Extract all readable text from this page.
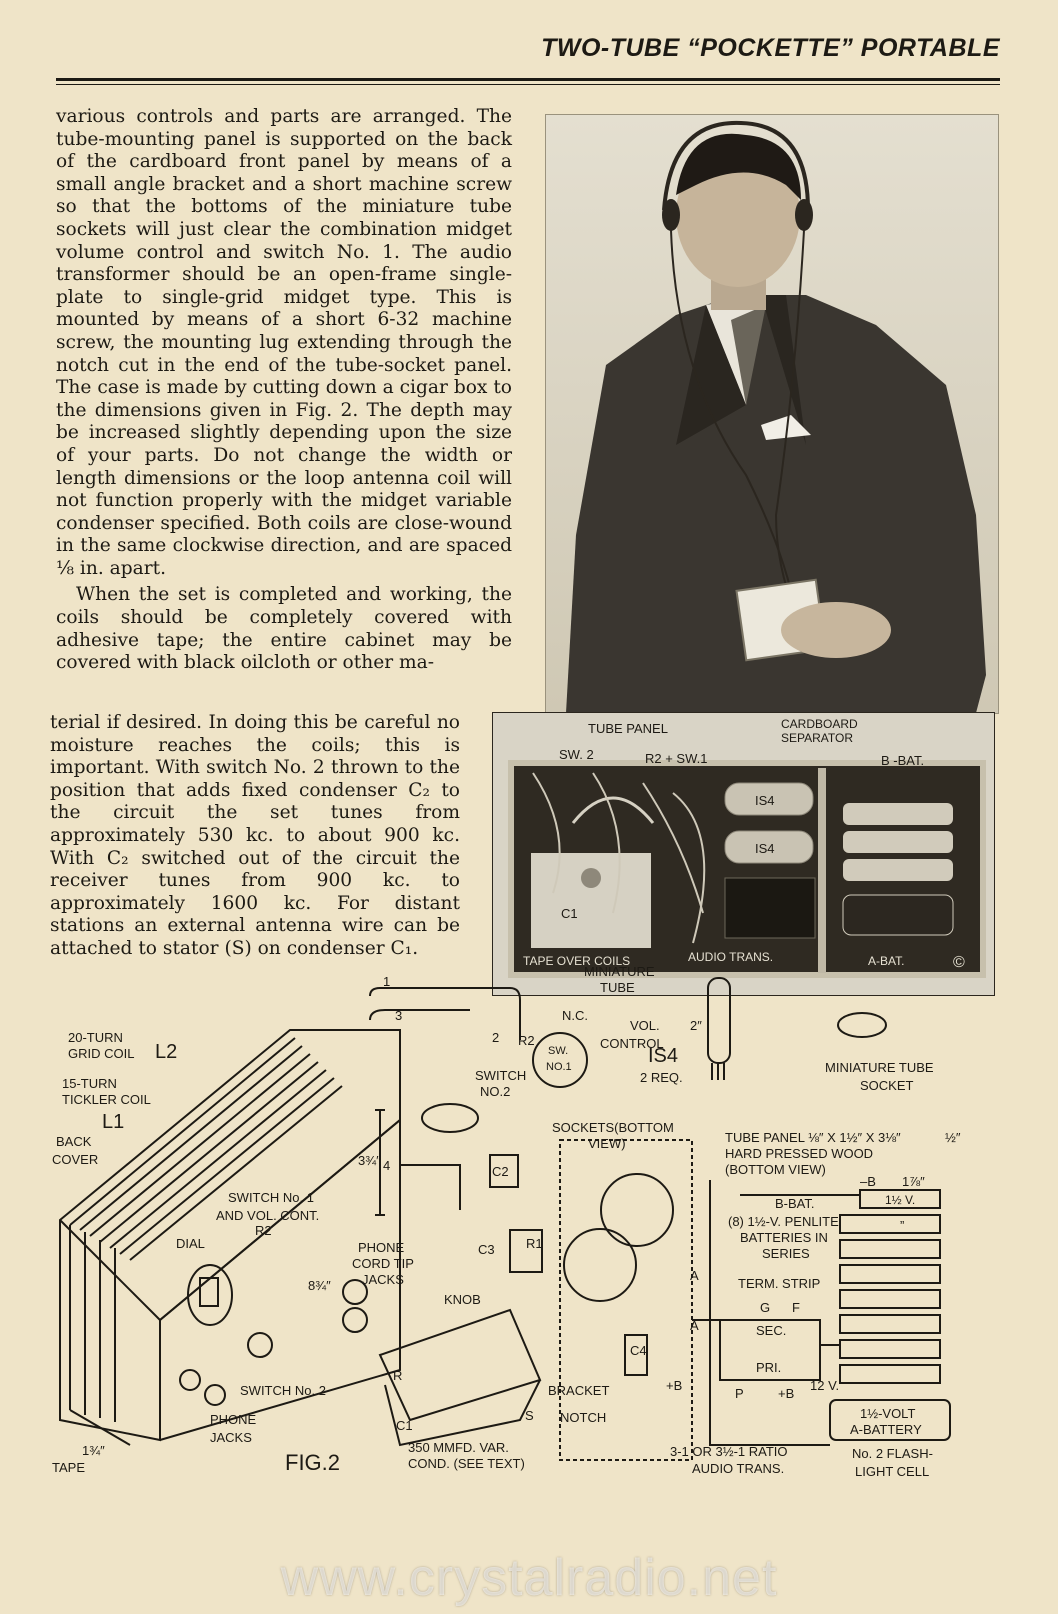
TWO-TUBE “POCKETTE” PORTABLE

various controls and parts are arranged. The tube-mounting panel is supported on the back of the cardboard front panel by means of a small angle bracket and a short machine screw so that the bottoms of the miniature tube sockets will just clear the combination midget volume control and switch No. 1. The audio transformer should be an open-frame single-plate to single-grid midget type. This is mounted by means of a short 6-32 machine screw, the mounting lug extending through the notch cut in the end of the tube-socket panel. The case is made by cutting down a cigar box to the dimensions given in Fig. 2. The depth may be increased slightly depending upon the size of your parts. Do not change the width or length dimensions or the loop antenna coil will not function properly with the midget variable condenser specified. Both coils are close-wound in the same clockwise direction, and are spaced ⅛ in. apart.

When the set is completed and working, the coils should be completely covered with adhesive tape; the entire cabinet may be covered with black oilcloth or other ma-

terial if desired. In doing this be careful no moisture reaches the coils; this is important. With switch No. 2 thrown to the position that adds fixed condenser C₂ to the circuit the set tunes from approximately 530 kc. to about 900 kc. With C₂ switched out of the circuit the receiver tunes from 900 kc. to approximately 1600 kc. For distant stations an external antenna wire can be attached to stator (S) on condenser C₁.

TUBE PANEL	CARDBOARD
SEPARATOR
SW. 2	R2 + SW.1	B -BAT.
IS4
IS4
C1
TAPE OVER COILS	AUDIO TRANS.	A-BAT.	©
20-TURN
GRID COIL L2
15-TURN
TICKLER COIL
L1
BACK
COVER
DIAL
SWITCH No. 1
AND VOL. CONT.
R2
3¾″
8¾″
1¾″
SWITCH No. 2
PHONE
JACKS
TAPE	FIG.2
1
2
3
4
R2
N.C.
SW.
NO.1
SWITCH
NO.2
VOL.
CONTROL
C2
C3 R1
C4
PHONE
CORD TIP
JACKS
KNOB
R
S
C1
350 MMFD. VAR.
COND. (SEE TEXT)
SOCKETS(BOTTOM
VIEW)
MINIATURE
TUBE
2″
IS4
2 REQ.
MINIATURE TUBE
SOCKET
TUBE PANEL ⅛″ X 1½″ X 3⅛″
HARD PRESSED WOOD
(BOTTOM VIEW)
½″
–B 1⅞″
1½ V.
B-BAT.
(8) 1½-V. PENLITE
BATTERIES IN
SERIES
TERM. STRIP
G F
SEC.
PRI.
P	+B
12 V.
A
A
+B
BRACKET
NOTCH
3-1 OR 3½-1 RATIO
AUDIO TRANS.
1½-VOLT
A-BATTERY
No. 2 FLASH-
LIGHT CELL
”
www.crystalradio.net
